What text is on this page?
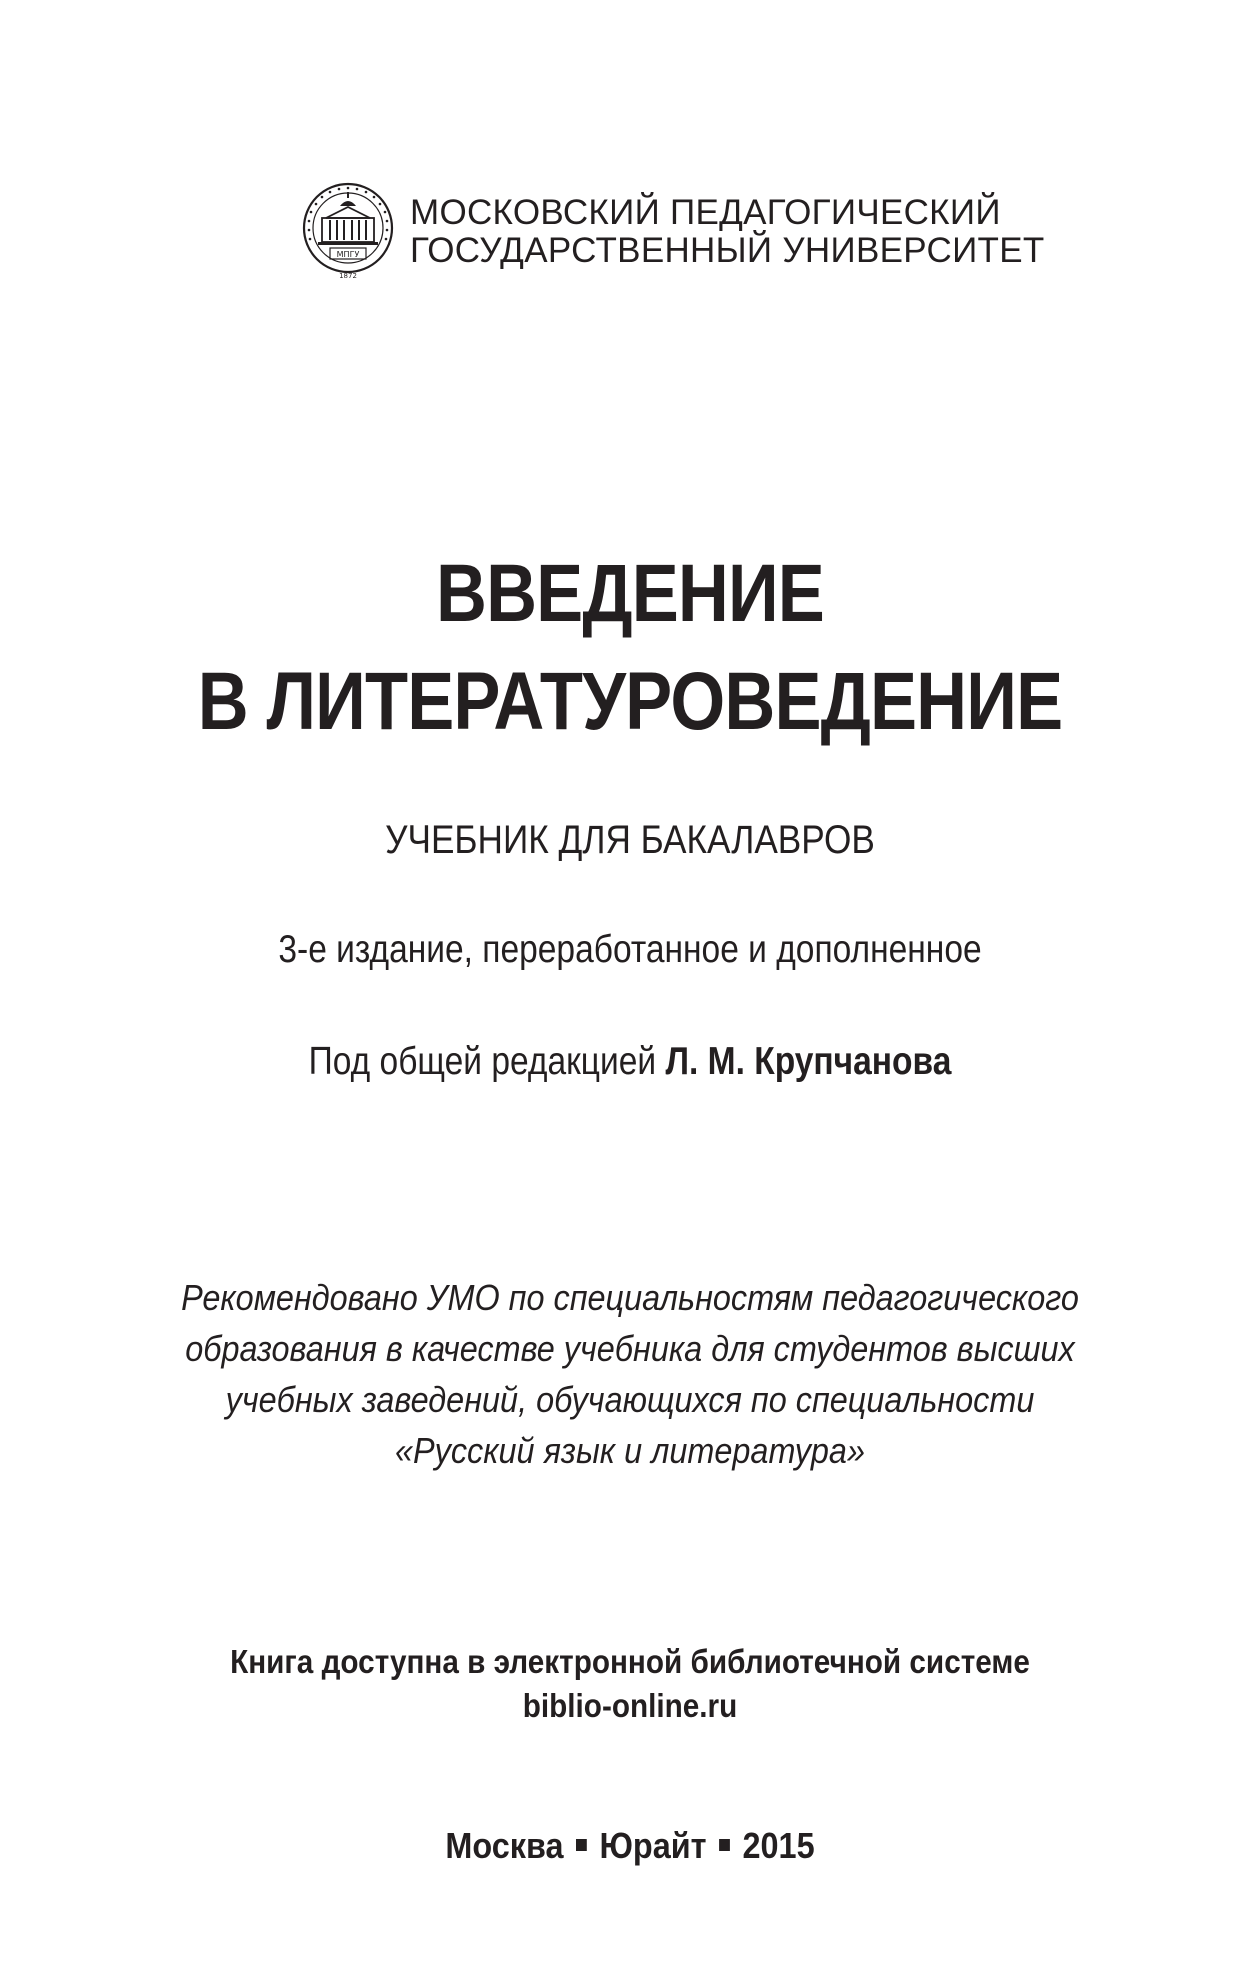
МПГУ
1872
МОСКОВСКИЙ ПЕДАГОГИЧЕСКИЙ
ГОСУДАРСТВЕННЫЙ УНИВЕРСИТЕТ
ВВЕДЕНИЕ
В ЛИТЕРАТУРОВЕДЕНИЕ
УЧЕБНИК ДЛЯ БАКАЛАВРОВ
3-е издание, переработанное и дополненное
Под общей редакцией Л. М. Крупчанова
Рекомендовано УМО по специальностям педагогического
образования в качестве учебника для студентов высших
учебных заведений, обучающихся по специальности
«Русский язык и литература»
Книга доступна в электронной библиотечной системе
biblio-online.ru
Москва Юрайт 2015
